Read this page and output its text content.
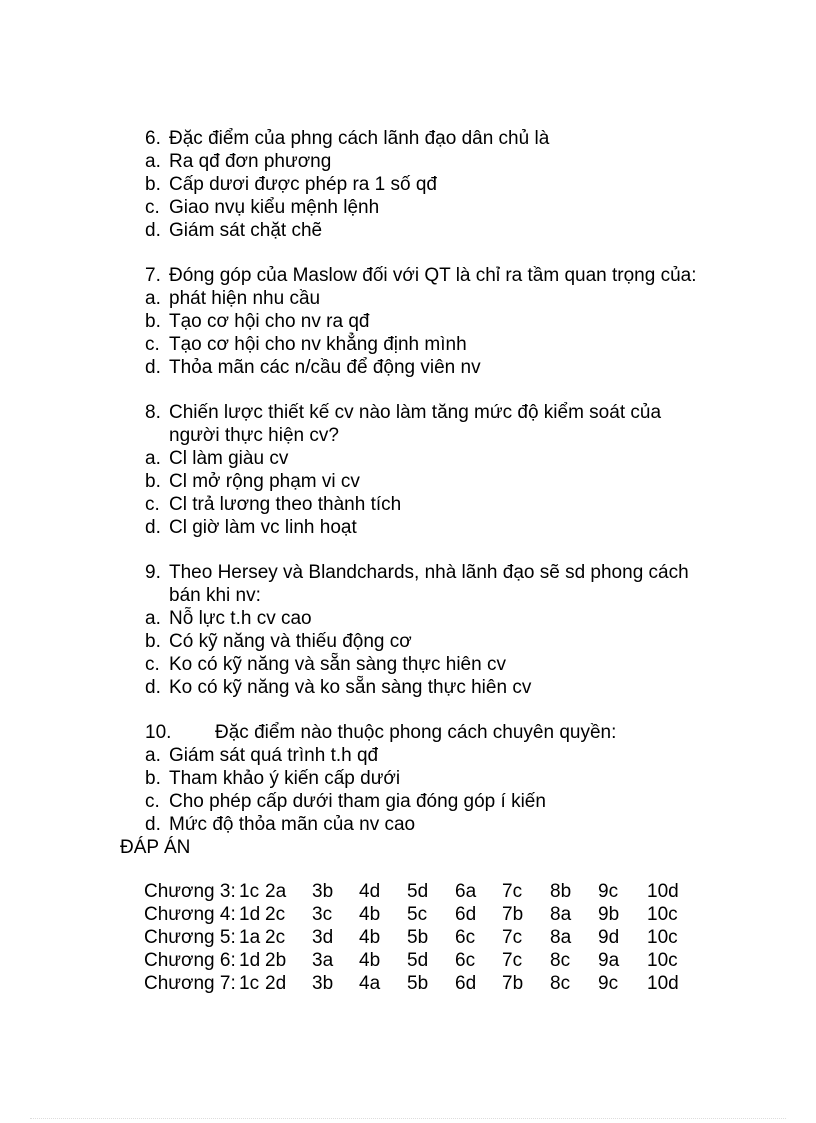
6. Đặc điểm của phng cách lãnh đạo dân chủ là
a. Ra qđ đơn phương
b. Cấp dươi được phép ra 1 số qđ
c. Giao nvụ kiểu mệnh lệnh
d. Giám sát chặt chẽ
7. Đóng góp của Maslow đối với QT là chỉ ra tầm quan trọng của:
a. phát hiện nhu cầu
b. Tạo cơ hội cho nv ra qđ
c. Tạo cơ hội cho nv khẳng định mình
d. Thỏa mãn các n/cầu để động viên nv
8. Chiến lược thiết kế cv nào làm tăng mức độ kiểm soát của
người thực hiện cv?
a. Cl làm giàu cv
b. Cl mở rộng phạm vi cv
c. Cl trả lương theo thành tích
d. Cl giờ làm vc linh hoạt
9. Theo Hersey và Blandchards, nhà lãnh đạo sẽ sd phong cách
bán khi nv:
a. Nỗ lực t.h cv cao
b. Có kỹ năng và thiếu động cơ
c. Ko có kỹ năng và sẵn sàng thực hiên cv
d. Ko có kỹ năng và ko sẵn sàng thực hiên cv
10. Đặc điểm nào thuộc phong cách chuyên quyền:
a. Giám sát quá trình t.h qđ
b. Tham khảo ý kiến cấp dưới
c. Cho phép cấp dưới tham gia đóng góp í kiến
d. Mức độ thỏa mãn của nv cao
ĐÁP ÁN
Chương 3: 1c 2a 3b 4d 5d 6a 7c 8b 9c 10d
Chương 4: 1d 2c 3c 4b 5c 6d 7b 8a 9b 10c
Chương 5: 1a 2c 3d 4b 5b 6c 7c 8a 9d 10c
Chương 6: 1d 2b 3a 4b 5d 6c 7c 8c 9a 10c
Chương 7: 1c 2d 3b 4a 5b 6d 7b 8c 9c 10d
